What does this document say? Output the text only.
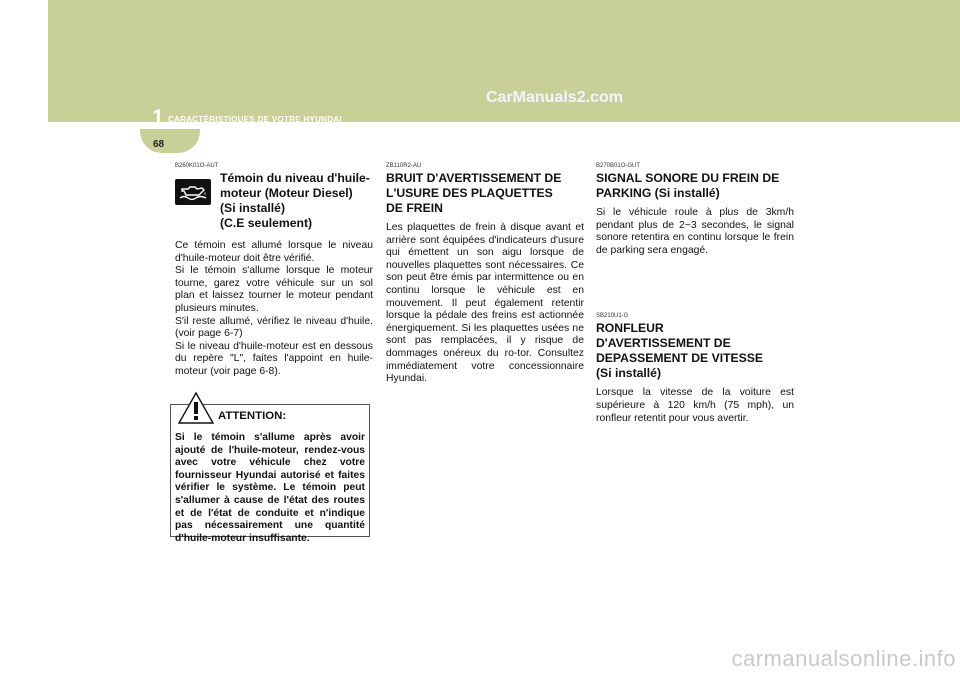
CarManuals2.com
1 CARACTÉRISTIQUES DE VOTRE HYUNDAI
68
B260K01O-AUT

Témoin du niveau d'huile-

moteur (Moteur Diesel)

(Si installé)

(C.E seulement)

Ce témoin est allumé lorsque le niveau d'huile-moteur doit être vérifié.

Si le témoin s'allume lorsque le moteur tourne, garez votre véhicule sur un sol plan et laissez tourner le moteur pendant plusieurs minutes.

S'il reste allumé, vérifiez le niveau d'huile. (voir page 6-7)

Si le niveau d'huile-moteur est en dessous du repère "L", faites l'appoint en huile-moteur (voir page 6-8).

ATTENTION:

Si le témoin s'allume après avoir ajouté de l'huile-moteur, rendez-vous avec votre véhicule chez votre fournisseur Hyundai autorisé et faites vérifier le système. Le témoin peut s'allumer à cause de l'état des routes et de l'état de conduite et n'indique pas nécessairement une quantité d'huile-moteur insuffisante.

ZB110R2-AU
BRUIT D'AVERTISSEMENT DE
L'USURE DES PLAQUETTES
DE FREIN

Les plaquettes de frein à disque avant et arrière sont équipées d'indicateurs d'usure qui émettent un son aigu lorsque de nouvelles plaquettes sont nécessaires. Ce son peut être émis par intermittence ou en continu lorsque le véhicule est en mouvement. Il peut également retentir lorsque la pédale des freins est actionnée énergiquement. Si les plaquettes usées ne sont pas remplacées, il y risque de dommages onéreux du ro-tor. Consultez immédiatement votre concessionnaire Hyundai.

B270B01O-GUT
SIGNAL SONORE DU FREIN DE
PARKING (Si installé)

Si le véhicule roule à plus de 3km/h pendant plus de 2~3 secondes, le signal sonore retentira en continu lorsque le frein de parking sera engagé.

SB210U1-G
RONFLEUR
D'AVERTISSEMENT DE
DEPASSEMENT DE VITESSE
(Si installé)

Lorsque la vitesse de la voiture est supérieure à 120 km/h (75 mph), un ronfleur retentit pour vous avertir.

carmanualsonline.info
